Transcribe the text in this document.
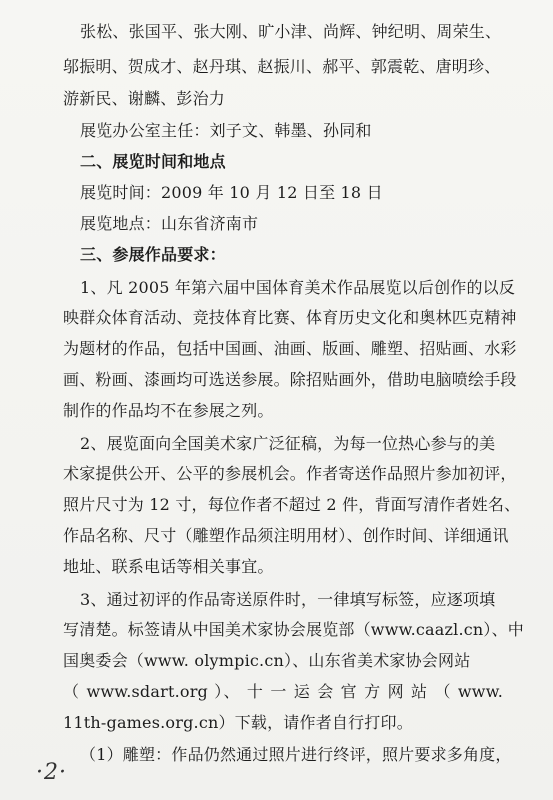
张松、张国平、张大刚、旷小津、尚辉、钟纪明、周荣生、
邬振明、贺成才、赵丹琪、赵振川、郝平、郭震乾、唐明珍、
游新民、谢麟、彭治力
展览办公室主任：刘子文、韩墨、孙同和
二、展览时间和地点
展览时间：2009 年 10 月 12 日至 18 日
展览地点：山东省济南市
三、参展作品要求：
1、凡 2005 年第六届中国体育美术作品展览以后创作的以反
映群众体育活动、竞技体育比赛、体育历史文化和奥林匹克精神
为题材的作品，包括中国画、油画、版画、雕塑、招贴画、水彩
画、粉画、漆画均可选送参展。除招贴画外，借助电脑喷绘手段
制作的作品均不在参展之列。
2、展览面向全国美术家广泛征稿，为每一位热心参与的美
术家提供公开、公平的参展机会。作者寄送作品照片参加初评，
照片尺寸为 12 寸，每位作者不超过 2 件，背面写清作者姓名、
作品名称、尺寸（雕塑作品须注明用材）、创作时间、详细通讯
地址、联系电话等相关事宜。
3、通过初评的作品寄送原件时，一律填写标签，应逐项填
写清楚。标签请从中国美术家协会展览部（www.caazl.cn）、中
国奥委会（www. olympic.cn）、山东省美术家协会网站
（ www.sdart.org ）、 十 一 运 会 官 方 网 站 （ www.
11th-games.org.cn）下载，请作者自行打印。
（1）雕塑：作品仍然通过照片进行终评，照片要求多角度，
·2·
